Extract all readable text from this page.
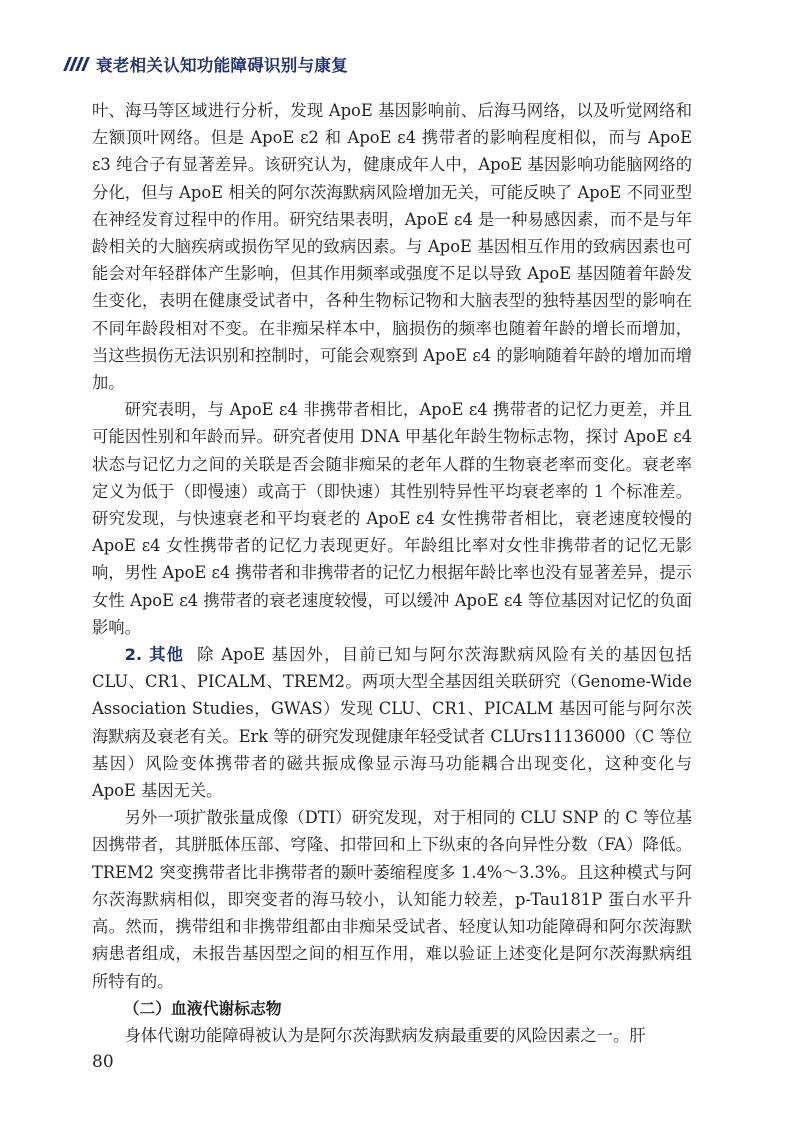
衰老相关认知功能障碍识别与康复

叶、海马等区域进行分析，发现 ApoE 基因影响前、后海马网络，以及听觉网络和左额顶叶网络。但是 ApoE ε2 和 ApoE ε4 携带者的影响程度相似，而与 ApoE ε3 纯合子有显著差异。该研究认为，健康成年人中，ApoE 基因影响功能脑网络的分化，但与 ApoE 相关的阿尔茨海默病风险增加无关，可能反映了 ApoE 不同亚型在神经发育过程中的作用。研究结果表明，ApoE ε4 是一种易感因素，而不是与年龄相关的大脑疾病或损伤罕见的致病因素。与 ApoE 基因相互作用的致病因素也可能会对年轻群体产生影响，但其作用频率或强度不足以导致 ApoE 基因随着年龄发生变化，表明在健康受试者中，各种生物标记物和大脑表型的独特基因型的影响在不同年龄段相对不变。在非痴呆样本中，脑损伤的频率也随着年龄的增长而增加，当这些损伤无法识别和控制时，可能会观察到 ApoE ε4 的影响随着年龄的增加而增加。

研究表明，与 ApoE ε4 非携带者相比，ApoE ε4 携带者的记忆力更差，并且可能因性别和年龄而异。研究者使用 DNA 甲基化年龄生物标志物，探讨 ApoE ε4 状态与记忆力之间的关联是否会随非痴呆的老年人群的生物衰老率而变化。衰老率定义为低于（即慢速）或高于（即快速）其性别特异性平均衰老率的 1 个标准差。研究发现，与快速衰老和平均衰老的 ApoE ε4 女性携带者相比，衰老速度较慢的 ApoE ε4 女性携带者的记忆力表现更好。年龄组比率对女性非携带者的记忆无影响，男性 ApoE ε4 携带者和非携带者的记忆力根据年龄比率也没有显著差异，提示女性 ApoE ε4 携带者的衰老速度较慢，可以缓冲 ApoE ε4 等位基因对记忆的负面影响。

2. 其他 除 ApoE 基因外，目前已知与阿尔茨海默病风险有关的基因包括 CLU、CR1、PICALM、TREM2。两项大型全基因组关联研究（Genome-Wide Association Studies，GWAS）发现 CLU、CR1、PICALM 基因可能与阿尔茨海默病及衰老有关。Erk 等的研究发现健康年轻受试者 CLUrs11136000（C 等位基因）风险变体携带者的磁共振成像显示海马功能耦合出现变化，这种变化与 ApoE 基因无关。

另外一项扩散张量成像（DTI）研究发现，对于相同的 CLU SNP 的 C 等位基因携带者，其胼胝体压部、穹隆、扣带回和上下纵束的各向异性分数（FA）降低。TREM2 突变携带者比非携带者的颞叶萎缩程度多 1.4%～3.3%。且这种模式与阿尔茨海默病相似，即突变者的海马较小，认知能力较差，p-Tau181P 蛋白水平升高。然而，携带组和非携带组都由非痴呆受试者、轻度认知功能障碍和阿尔茨海默病患者组成，未报告基因型之间的相互作用，难以验证上述变化是阿尔茨海默病组所特有的。

（二）血液代谢标志物

身体代谢功能障碍被认为是阿尔茨海默病发病最重要的风险因素之一。肝

80
